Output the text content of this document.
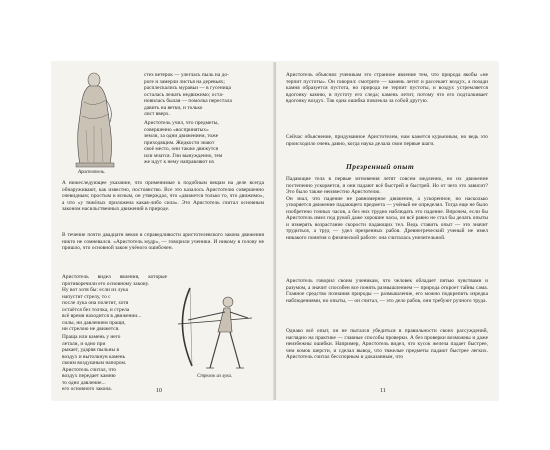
Аристотель.

стех ветерок — улеглась пыль на до-
роге и замерли листья на деревьях;
расплескались муравьи — в гусеница
осталась лежать недвижимо; оста-
новилась былая — помолка перестала
давить на ветки, и только
лист вверх.

Аристотель учил, что предметы,
совершенно «воспринятых»
земли, за одни движением, тоже
приходящим. Жидкости знают
своё место, они также движутся
или мчатся. Гни вынужденно, тем
же идут к нему направляют их

А нижеследующее указание, что применимые к подобным вещам на деле всегда обнаруживают, как известно, постоянство. Все это казалось Аристотелю совершенно очевидным; простым и ясным, он утверждал, что «движется только то, что движимо», а что «у тяжёлых приложена какая-либо сила». Это Аристотель считал основным законом насильственных движений в природе.

В течение почти двадцати веков в справедливости аристотелевского закона движения никто не сомневался. «Аристотель мудр», — говорили ученики. И никому в голову не пришло, что основной закон учёного ошибочен.

Аристотель видел явления, которые противоречили его основному закону.
Ну вот хотя бы: если из лука
напустит стрелу, то с
после лука она полетит, хотя
остаётся без толчка, и стрела
всё время находится в движении...
силы, ни давлением пращи,
ни стрелою не движется.

Праща или камень у него
летали, и одно при
рыкает, ударяя пыльны в
воздух и вытолкнув камень
своим воздушным напором.
Аристотель считал, что
воздух передает камню
то одно давление...
его основного закона.

Стрелок из лука.

10

Аристотель объяснял ученикам это странное явление тем, что природа якобы «не терпит пустоты». Он говорил: смотрите — камень летит и рассекает воздух, а позади камня образуется пустота, но природа не терпит пустоты, и воздух устремляется вдогонку камню, в пустоту его следа; камень летит, потому что его подталкивает вдогонку воздух. Так одна ошибка повлекла за собой другую.

Сейчас объяснение, придуманное Аристотелем, нам кажется курьезным, но ведь это происходило очень давно, когда наука делала свои первые шаги.

Презренный опыт

Падающие тела в первые мгновения летят совсем медленно, но их движение постепенно ускоряется, и они падают всё быстрей и быстрей. Но от чего это зависит? Это было также неизвестно Аристотелю.
Он знал, что падение не равномерное движение, а ускоренное, но насколько ускоряется движение падающего предмета — учёный не определял. Тогда еще не было изобретено точных часов, а без них трудно наблюдать это падение. Впрочем, если бы Аристотель имел под рукой даже хорошие часы, он всё равно не стал бы делать опыты и измерять возрастание скорости падающих тел. Ведь ставить опыт — это значит трудиться, а труд — удел презренных рабов. Древнегреческий ученый не имел никакого понятия о физической работе: она считалась унизительной.

Аристотель говорил своим ученикам, что человек обладает пятью чувствами и разумом, а значит способен все понять размышлением — природа откроет тайны сама. Главное средство познания природы — размышление, его можно подкрепить изредка наблюдениями, но опыты, — он считал, — это дело рабов, они требуют ручного труда.

Однако всё опыт, он не пытался убедиться в правильности своих рассуждений, наглядно на практике — главные способы проверки. А без проверки возможны и даже неизбежны ошибки. Например, Аристотель видел, что кусок железа падает быстрее, чем комок шерсти, и сделал вывод, что тяжелые предметы падают быстрее легких. Аристотель считал бесспорным и доказанным, что

11
